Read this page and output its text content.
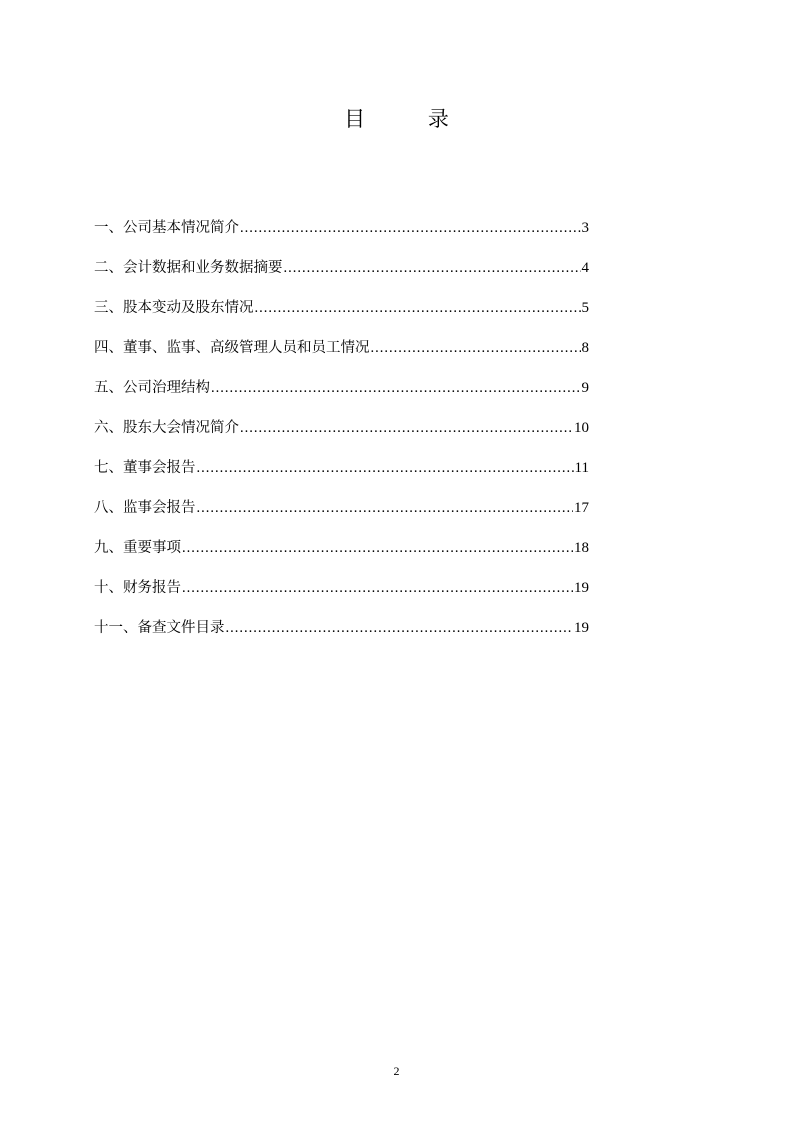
目 录
一、公司基本情况简介 .....	3
二、会计数据和业务数据摘要 .....	4
三、股本变动及股东情况 .....	5
四、董事、监事、高级管理人员和员工情况 .....	8
五、公司治理结构 .....	9
六、股东大会情况简介 .....	10
七、董事会报告 .....	11
八、监事会报告 .....	17
九、重要事项 .....	18
十、财务报告 .....	19
十一、备查文件目录 .....	19
2
